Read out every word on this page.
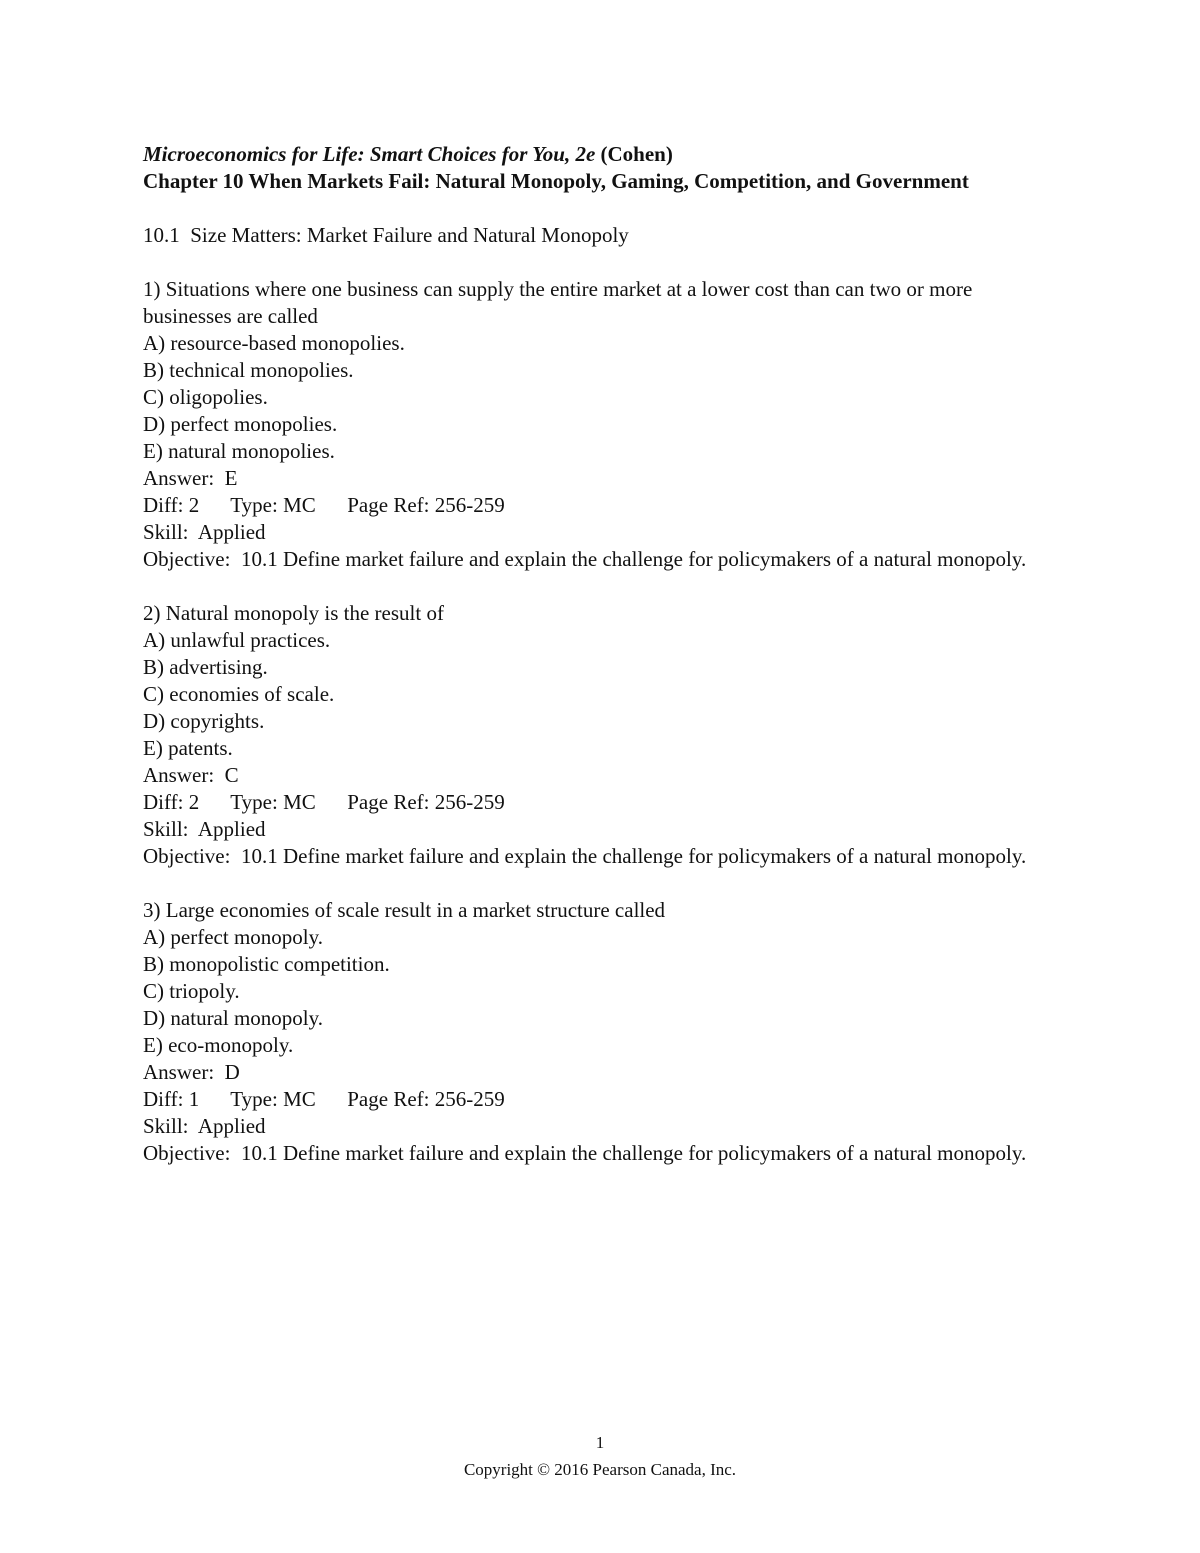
Microeconomics for Life: Smart Choices for You, 2e (Cohen)

Chapter 10 When Markets Fail: Natural Monopoly, Gaming, Competition, and Government

10.1  Size Matters: Market Failure and Natural Monopoly

1) Situations where one business can supply the entire market at a lower cost than can two or more businesses are called

A) resource-based monopolies.

B) technical monopolies.

C) oligopolies.

D) perfect monopolies.

E) natural monopolies.

Answer:  E

Diff: 2      Type: MC      Page Ref: 256-259

Skill:  Applied

Objective:  10.1 Define market failure and explain the challenge for policymakers of a natural monopoly.

2) Natural monopoly is the result of

A) unlawful practices.

B) advertising.

C) economies of scale.

D) copyrights.

E) patents.

Answer:  C

Diff: 2      Type: MC      Page Ref: 256-259

Skill:  Applied

Objective:  10.1 Define market failure and explain the challenge for policymakers of a natural monopoly.

3) Large economies of scale result in a market structure called

A) perfect monopoly.

B) monopolistic competition.

C) triopoly.

D) natural monopoly.

E) eco-monopoly.

Answer:  D

Diff: 1      Type: MC      Page Ref: 256-259

Skill:  Applied

Objective:  10.1 Define market failure and explain the challenge for policymakers of a natural monopoly.

1
Copyright © 2016 Pearson Canada, Inc.
